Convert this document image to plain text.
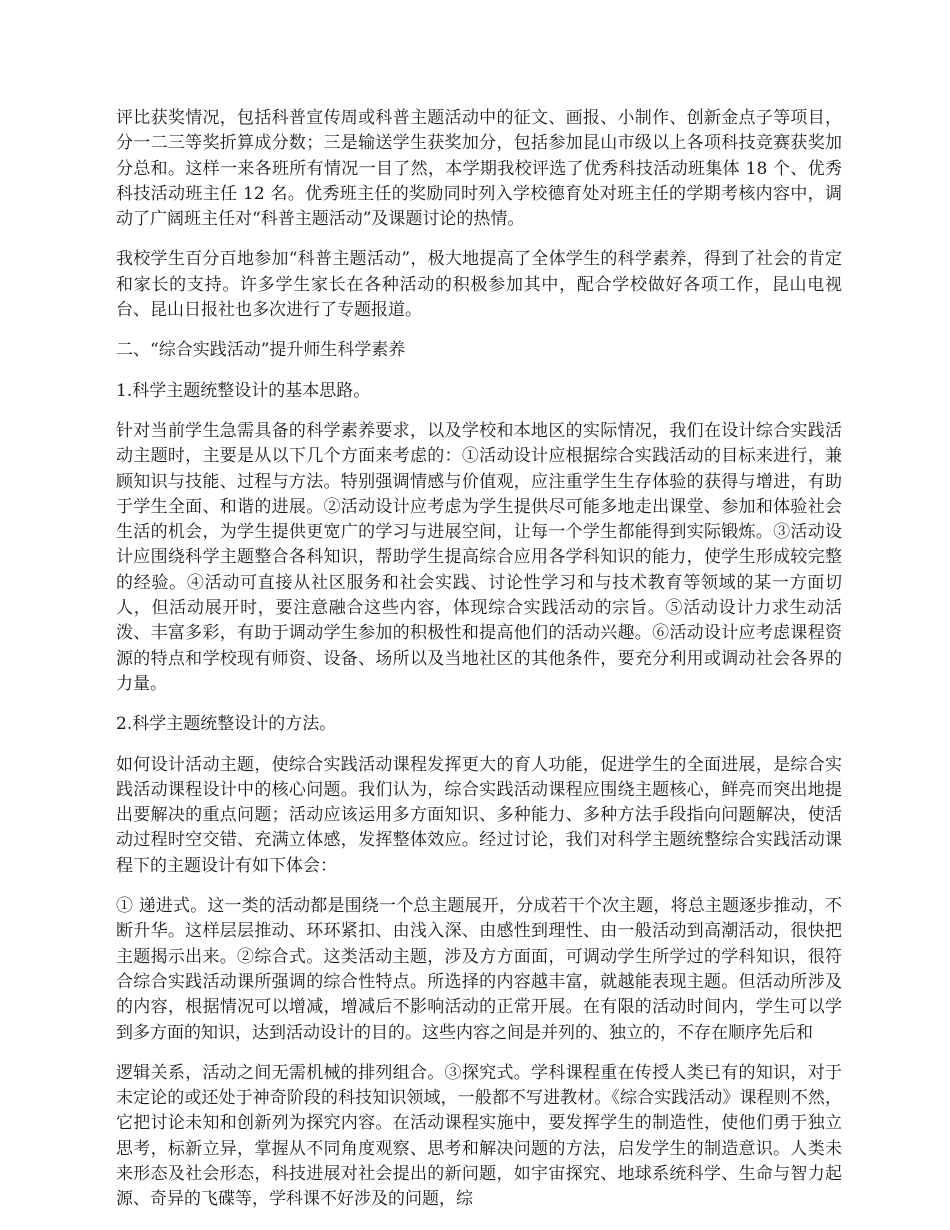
评比获奖情况，包括科普宣传周或科普主题活动中的征文、画报、小制作、创新金点子等项目，分一二三等奖折算成分数；三是输送学生获奖加分，包括参加昆山市级以上各项科技竞赛获奖加分总和。这样一来各班所有情况一目了然，本学期我校评选了优秀科技活动班集体 18 个、优秀科技活动班主任 12 名。优秀班主任的奖励同时列入学校德育处对班主任的学期考核内容中，调动了广阔班主任对“科普主题活动”及课题讨论的热情。

我校学生百分百地参加“科普主题活动”，极大地提高了全体学生的科学素养，得到了社会的肯定和家长的支持。许多学生家长在各种活动的积极参加其中，配合学校做好各项工作，昆山电视台、昆山日报社也多次进行了专题报道。

二、“综合实践活动”提升师生科学素养

1.科学主题统整设计的基本思路。

针对当前学生急需具备的科学素养要求，以及学校和本地区的实际情况，我们在设计综合实践活动主题时，主要是从以下几个方面来考虑的：①活动设计应根据综合实践活动的目标来进行，兼顾知识与技能、过程与方法。特别强调情感与价值观，应注重学生生存体验的获得与增进，有助于学生全面、和谐的进展。②活动设计应考虑为学生提供尽可能多地走出课堂、参加和体验社会生活的机会，为学生提供更宽广的学习与进展空间，让每一个学生都能得到实际锻炼。③活动设计应围绕科学主题整合各科知识，帮助学生提高综合应用各学科知识的能力，使学生形成较完整的经验。④活动可直接从社区服务和社会实践、讨论性学习和与技术教育等领域的某一方面切人，但活动展开时，要注意融合这些内容，体现综合实践活动的宗旨。⑤活动设计力求生动活泼、丰富多彩，有助于调动学生参加的积极性和提高他们的活动兴趣。⑥活动设计应考虑课程资源的特点和学校现有师资、设备、场所以及当地社区的其他条件，要充分利用或调动社会各界的力量。

2.科学主题统整设计的方法。

如何设计活动主题，使综合实践活动课程发挥更大的育人功能，促进学生的全面进展，是综合实践活动课程设计中的核心问题。我们认为，综合实践活动课程应围绕主题核心，鲜亮而突出地提出要解决的重点问题；活动应该运用多方面知识、多种能力、多种方法手段指向问题解决，使活动过程时空交错、充满立体感，发挥整体效应。经过讨论，我们对科学主题统整综合实践活动课程下的主题设计有如下体会：

① 递进式。这一类的活动都是围绕一个总主题展开，分成若干个次主题，将总主题逐步推动，不断升华。这样层层推动、环环紧扣、由浅入深、由感性到理性、由一般活动到高潮活动，很快把主题揭示出来。②综合式。这类活动主题，涉及方方面面，可调动学生所学过的学科知识，很符合综合实践活动课所强调的综合性特点。所选择的内容越丰富，就越能表现主题。但活动所涉及的内容，根据情况可以增减，增减后不影响活动的正常开展。在有限的活动时间内，学生可以学到多方面的知识，达到活动设计的目的。这些内容之间是并列的、独立的，不存在顺序先后和

逻辑关系，活动之间无需机械的排列组合。③探究式。学科课程重在传授人类已有的知识，对于未定论的或还处于神奇阶段的科技知识领域，一般都不写进教材。《综合实践活动》课程则不然，它把讨论未知和创新列为探究内容。在活动课程实施中，要发挥学生的制造性，使他们勇于独立思考，标新立异，掌握从不同角度观察、思考和解决问题的方法，启发学生的制造意识。人类未来形态及社会形态，科技进展对社会提出的新问题，如宇宙探究、地球系统科学、生命与智力起源、奇异的飞碟等，学科课不好涉及的问题，综
